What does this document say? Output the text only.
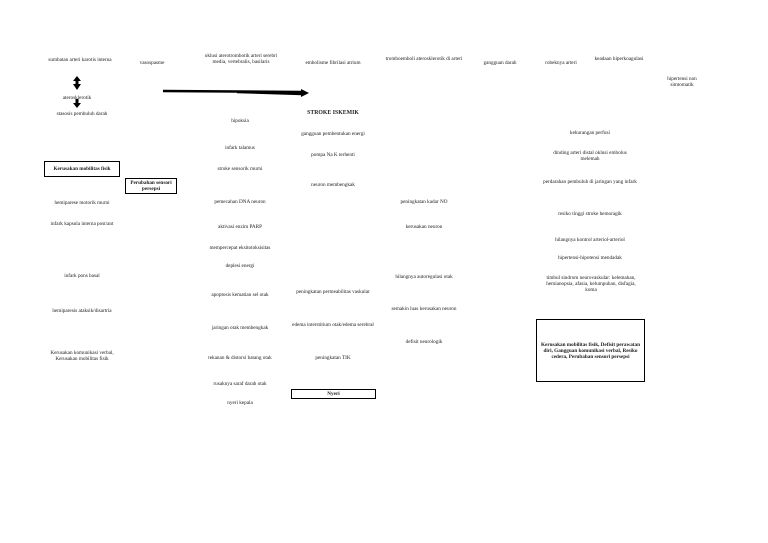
sumbatan arteri karotis interna	vasospasme
oklusi aterotrombotik arteri serebri media, vertebralis, basilaris	embolisme fibrilasi atrium
tromboemboli aterosklerotik di arteri
gangguan darah	robeknya arteri
keadaan hiperkoagulasi
hipertensi non simtomatik
aterosklerotik
stasosis pembuluh darah
Kerusakan mobilitas fisik
hemiparese motorik murni
infark kapsula interna post/ant
infark pons basal
hemiparesis ataksik/disartria
Kerusakan komunikasi verbal, Kerusakan mobilitas fisik
Perubahan sensori persepsi
hipoksia
infark talamus
stroke sensorik murni
pemecahan DNA neuron
aktivasi enzim PARP
mempercepat eksitotoksisitas
deplesi energi
apoptosis kematian sel otak
jaringan otak membengkak
tekanan & distorsi batang otak
rusaknya saraf darah otak
nyeri kepala
STROKE ISKEMIK
gangguan pembentukan energi
pompa Na K terhenti
neuron membengkak
peningkatan permeabilitas vaskular
edema interstitium otak/edema serebral
peningkatan TIK
Nyeri
peningkatan kadar NO
kerusakan neuron
hilangnya autoregulasi otak
semakin luas kerusakan neuron
defisit neurologik
kekurangan perfusi
dinding arteri distal oklusi embolus melemah
perdarahan pembuluh di jaringan yang infark
resiko tinggi stroke hemoragik
hilangnya kontrol arteriol-arteriol
hipertensi-hipotensi mendadak
timbul sindrom neurovaskular: kelemahan, hemianopsia, afasia, kelumpuhan, disfagia, koma
Kerusakan mobilitas fisik, Defisit perawatan diri, Gangguan komunikasi verbal, Resiko cedera, Perubahan sensori persepsi
